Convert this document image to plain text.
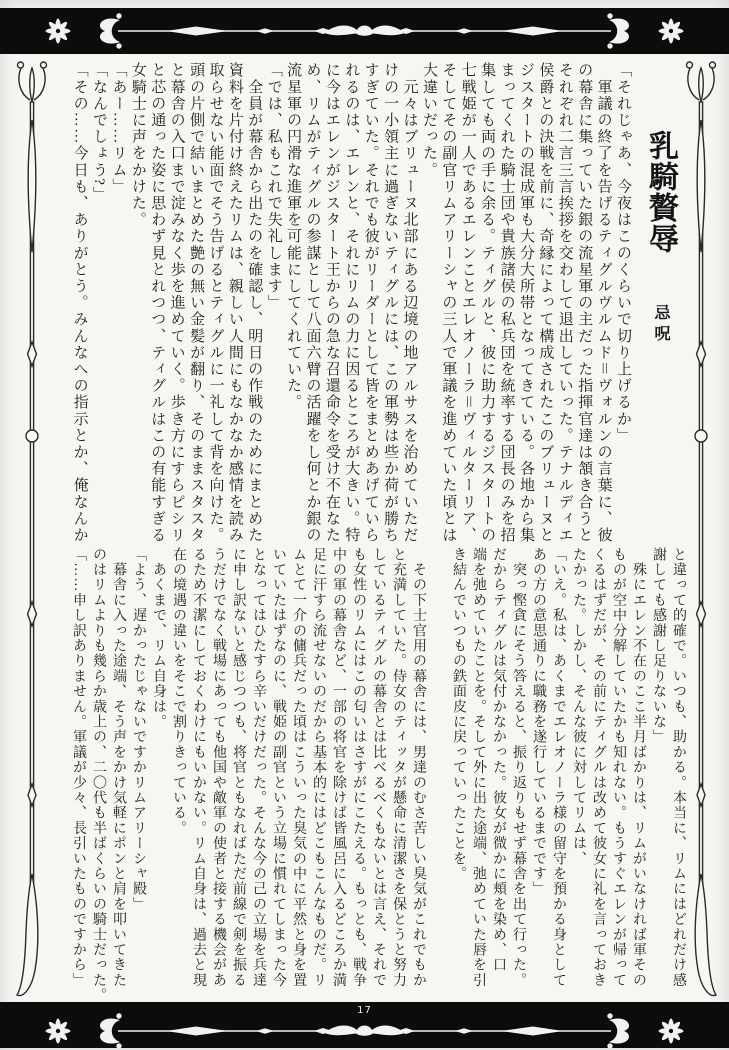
17
乳騎贅辱
忌呪
「それじゃあ、今夜はこのくらいで切り上げるか」
　軍議の終了を告げるティグルヴルムド＝ヴォルンの言葉に、彼
の幕舎に集っていた銀の流星軍の主だった指揮官達は頷き合うと
それぞれ二言三言挨拶を交わして退出していった。テナルディエ
侯爵との決戦を前に、奇縁によって構成されたこのブリューヌと
ジスタートの混成軍も大分大所帯となってきている。各地から集
まってくれた騎士団や貴族諸侯の私兵団を統率する団長のみを招
集しても両の手に余る。ティグルと、彼に助力するジスタートの
七戦姫が一人であるエレンことエレオノーラ＝ヴィルターリア、
そしてその副官リムアリーシャの三人で軍議を進めていた頃とは
大違いだった。
　元々はブリューヌ北部にある辺境の地アルサスを治めていただ
けの一小領主に過ぎないティグルには、この軍勢は些か荷が勝ち
すぎていた。それでも彼がリーダーとして皆をまとめあげていら
れるのは、エレンと、それにリムの力に因るところが大きい。特
に今はエレンがジスタート王からの急な召還命令を受け不在なた
め、リムがティグルの参謀として八面六臂の活躍をし何とか銀の
流星軍の円滑な進軍を可能にしてくれていた。
「では、私もこれで失礼します」
　全員が幕舎から出たのを確認し、明日の作戦のためにまとめた
資料を片付け終えたリムは、親しい人間にもなかなか感情を読み
取らせない能面でそう告げるとティグルに一礼して背を向けた。
頭の片側で結いまとめた艶の無い金髪が翻り、そのままスタスタ
と幕舎の入口まで淀みなく歩を進めていく。歩き方にすらピシリ
と芯の通った姿に思わず見とれつつ、ティグルはこの有能すぎる
女騎士に声をかけた。
「あー……リム」
「なんでしょう?」
「その……今日も、ありがとう。みんなへの指示とか、俺なんか
と違って的確で。いつも、助かる。本当に、リムにはどれだけ感
謝しても感謝し足りないな」
　殊にエレン不在のここ半月ばかりは、リムがいなければ軍その
ものが空中分解していたかも知れない。もうすぐエレンが帰って
くるはずだが、その前にティグルは改めて彼女に礼を言っておき
たかった。しかし、そんな彼に対してリムは、
「いえ。私は、あくまでエレオノーラ様の留守を預かる身として
あの方の意思通りに職務を遂行しているまでです」
　突っ慳貪にそう答えると、振り返りもせず幕舎を出て行った。
だからティグルは気付かなかった。彼女が微かに頬を染め、口
端を弛めていたことを。そして外に出た途端、弛めていた唇を引
き結んでいつもの鉄面皮に戻っていったことを。

　その下士官用の幕舎には、男達のむさ苦しい臭気がこれでもか
と充満していた。侍女のティッタが懸命に清潔さを保とうと努力
しているティグルの幕舎とは比べるべくもないとは言え、それで
も女性のリムにはこの匂いはさすがにこたえる。もっとも、戦争
中の軍の幕舎など、一部の将官を除けば皆風呂に入るどころか満
足に汗すら流せないのだから基本的にはどこもこんなものだ。リ
ムとて一介の傭兵だった頃はこういった臭気の中に平然と身を置
いていたはずなのに、戦姫の副官という立場に慣れてしまった今
となってはひたすら辛いだけだった。そんな今の己の立場を兵達
に申し訳ないと感じつつも、将官ともなればただ前線で剣を振る
うだけでなく戦場にあっても他国や敵軍の使者と接する機会があ
るため不潔にしておくわけにもいかない。リム自身は、過去と現
在の境遇の違いをそこで割りきっている。
　あくまで、リム自身は。
「よう、遅かったじゃないですかリムアリーシャ殿」
　幕舎に入った途端、そう声をかけ気軽にポンと肩を叩いてきた
のはリムよりも幾らか歳上の、二〇代も半ばくらいの騎士だった。
「……申し訳ありません。軍議が少々、長引いたものですから」
